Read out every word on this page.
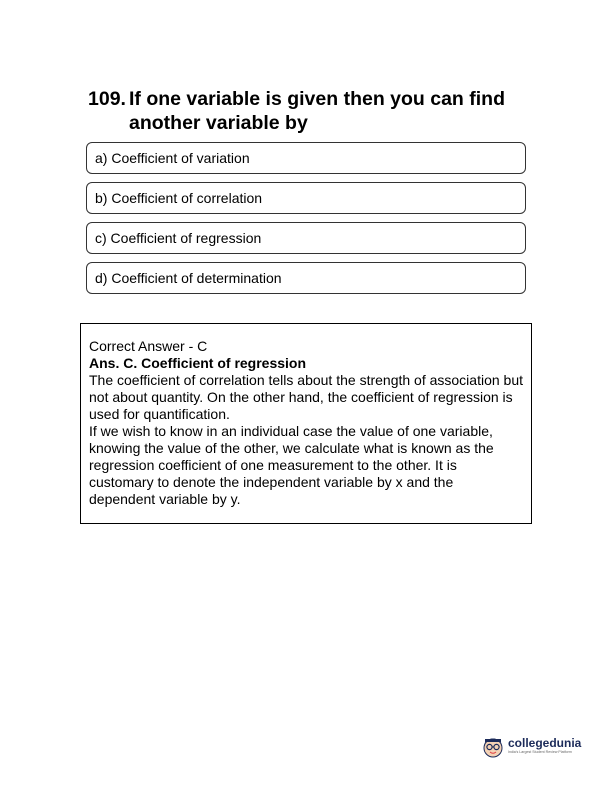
109. If one variable is given then you can find another variable by
a) Coefficient of variation
b) Coefficient of correlation
c) Coefficient of regression
d) Coefficient of determination

Correct Answer - C

Ans. C. Coefficient of regression

The coefficient of correlation tells about the strength of association but not about quantity. On the other hand, the coefficient of regression is used for quantification.

If we wish to know in an individual case the value of one variable, knowing the value of the other, we calculate what is known as the regression coefficient of one measurement to the other. It is customary to denote the independent variable by x and the dependent variable by y.

collegedunia
India's Largest Student Review Platform
